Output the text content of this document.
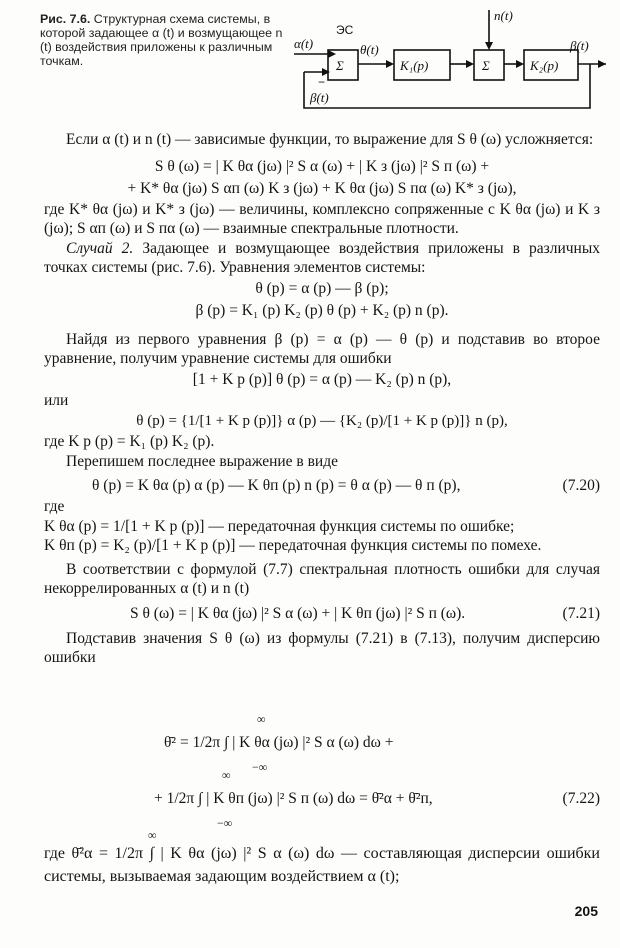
Рис. 7.6. Структурная схема системы, в которой задающее α (t) и возмущающее n (t) воздействия приложены к различным точкам.
α(t)
ЭС
Σ
θ(t)
K₁(p)	Σ
n(t)
K₂(p)
β(t)
β(t)
−

Если α (t) и n (t) — зависимые функции, то выражение для S θ (ω) усложняется:

S θ (ω) = | K θα (jω) |² S α (ω) + | K з (jω) |² S п (ω) +
+ K* θα (jω) S αп (ω) K з (jω) + K θα (jω) S пα (ω) K* з (jω),

где K* θα (jω) и K* з (jω) — величины, комплексно сопряженные с K θα (jω) и K з (jω); S αп (ω) и S пα (ω) — взаимные спектральные плотности.

Случай 2. Задающее и возмущающее воздействия приложены в различных точках системы (рис. 7.6). Уравнения элементов системы:

θ (p) = α (p) — β (p);
β (p) = K₁ (p) K₂ (p) θ (p) + K₂ (p) n (p).

Найдя из первого уравнения β (p) = α (p) — θ (p) и подставив во второе уравнение, получим уравнение системы для ошибки

[1 + K р (p)] θ (p) = α (p) — K₂ (p) n (p),

или

θ (p) = {1/[1 + K р (p)]} α (p) — {K₂ (p)/[1 + K р (p)]} n (p),

где K р (p) = K₁ (p) K₂ (p).

Перепишем последнее выражение в виде

θ (p) = K θα (p) α (p) — K θп (p) n (p) = θ α (p) — θ п (p),	(7.20)

где

K θα (p) = 1/[1 + K р (p)] — передаточная функция системы по ошибке;

K θп (p) = K₂ (p)/[1 + K р (p)] — передаточная функция системы по помехе.

В соответствии с формулой (7.7) спектральная плотность ошибки для случая некоррелированных α (t) и n (t)

S θ (ω) = | K θα (jω) |² S α (ω) + | K θп (jω) |² S п (ω).	(7.21)

Подставив значения S θ (ω) из формулы (7.21) в (7.13), получим дисперсию ошибки

∞
−∞
θ̄² = 1/2π ∫ | K θα (jω) |² S α (ω) dω +
∞
−∞
+ 1/2π ∫ | K θп (jω) |² S п (ω) dω = θ̄²α + θ̄²п,	(7.22)
∞

где θ̄²α = 1/2π ∫ | K θα (jω) |² S α (ω) dω — составляющая дисперсии ошибки системы, вызываемая задающим воздействием α (t);

205
